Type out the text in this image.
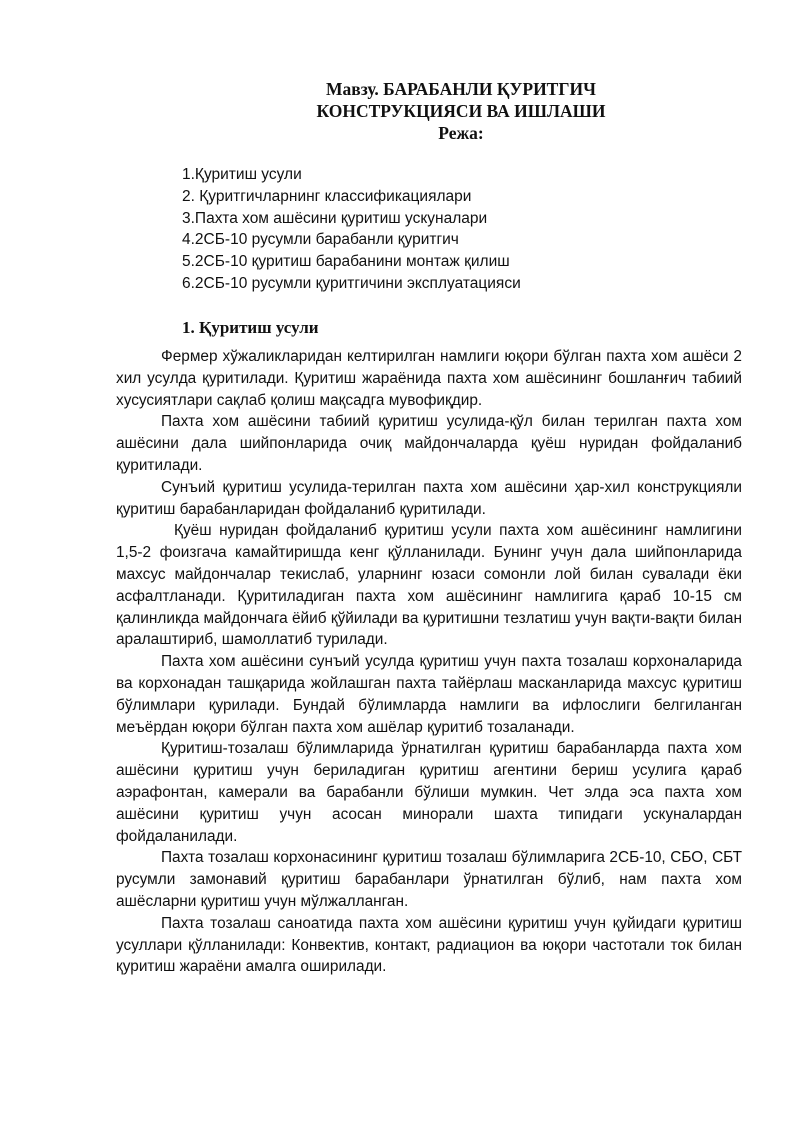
Мавзу. БАРАБАНЛИ ҚУРИТГИЧ
КОНСТРУКЦИЯСИ ВА ИШЛАШИ
Режа:
1.Қуритиш усули
2. Қуритгичларнинг классификациялари
3.Пахта хом ашёсини қуритиш ускуналари
4.2СБ-10 русумли барабанли қуритгич
5.2СБ-10 қуритиш барабанини монтаж қилиш
6.2СБ-10 русумли қуритгичини эксплуатацияси
1. Қуритиш усули

Фермер хўжаликларидан келтирилган намлиги юқори бўлган пахта хом ашёси 2 хил усулда қуритилади. Қуритиш жараёнида пахта хом ашёсининг бошланғич табиий хусусиятлари сақлаб қолиш мақсадга мувофиқдир.

Пахта хом ашёсини табиий қуритиш усулида-қўл билан терилган пахта хом ашёсини дала шийпонларида очиқ майдончаларда қуёш нуридан фойдаланиб қуритилади.

Сунъий қуритиш усулида-терилган пахта хом ашёсини ҳар-хил конструкцияли қуритиш барабанларидан фойдаланиб қуритилади.

Қуёш нуридан фойдаланиб қуритиш усули пахта хом ашёсининг намлигини 1,5-2 фоизгача камайтиришда кенг қўлланилади. Бунинг учун дала шийпонларида махсус майдончалар текислаб, уларнинг юзаси сомонли лой билан сувалади ёки асфалтланади. Қуритиладиган пахта хом ашёсининг намлигига қараб 10-15 см қалинликда майдончага ёйиб қўйилади ва қуритишни тезлатиш учун вақти-вақти билан аралаштириб, шамоллатиб турилади.

Пахта хом ашёсини сунъий усулда қуритиш учун пахта тозалаш корхоналарида ва корхонадан ташқарида жойлашган пахта тайёрлаш масканларида махсус қуритиш бўлимлари қурилади. Бундай бўлимларда намлиги ва ифлослиги белгиланган меъёрдан юқори бўлган пахта хом ашёлар қуритиб тозаланади.

Қуритиш-тозалаш бўлимларида ўрнатилган қуритиш барабанларда пахта хом ашёсини қуритиш учун бериладиган қуритиш агентини бериш усулига қараб аэрафонтан, камерали ва барабанли бўлиши мумкин. Чет элда эса пахта хом ашёсини қуритиш учун асосан минорали шахта типидаги ускуналардан фойдаланилади.

Пахта тозалаш корхонасининг қуритиш тозалаш бўлимларига 2СБ-10, СБО, СБТ русумли замонавий қуритиш барабанлари ўрнатилган бўлиб, нам пахта хом ашёсларни қуритиш учун мўлжалланган.

Пахта тозалаш саноатида пахта хом ашёсини қуритиш учун қуйидаги қуритиш усуллари қўлланилади: Конвектив, контакт, радиацион ва юқори частотали ток билан қуритиш жараёни амалга оширилади.
